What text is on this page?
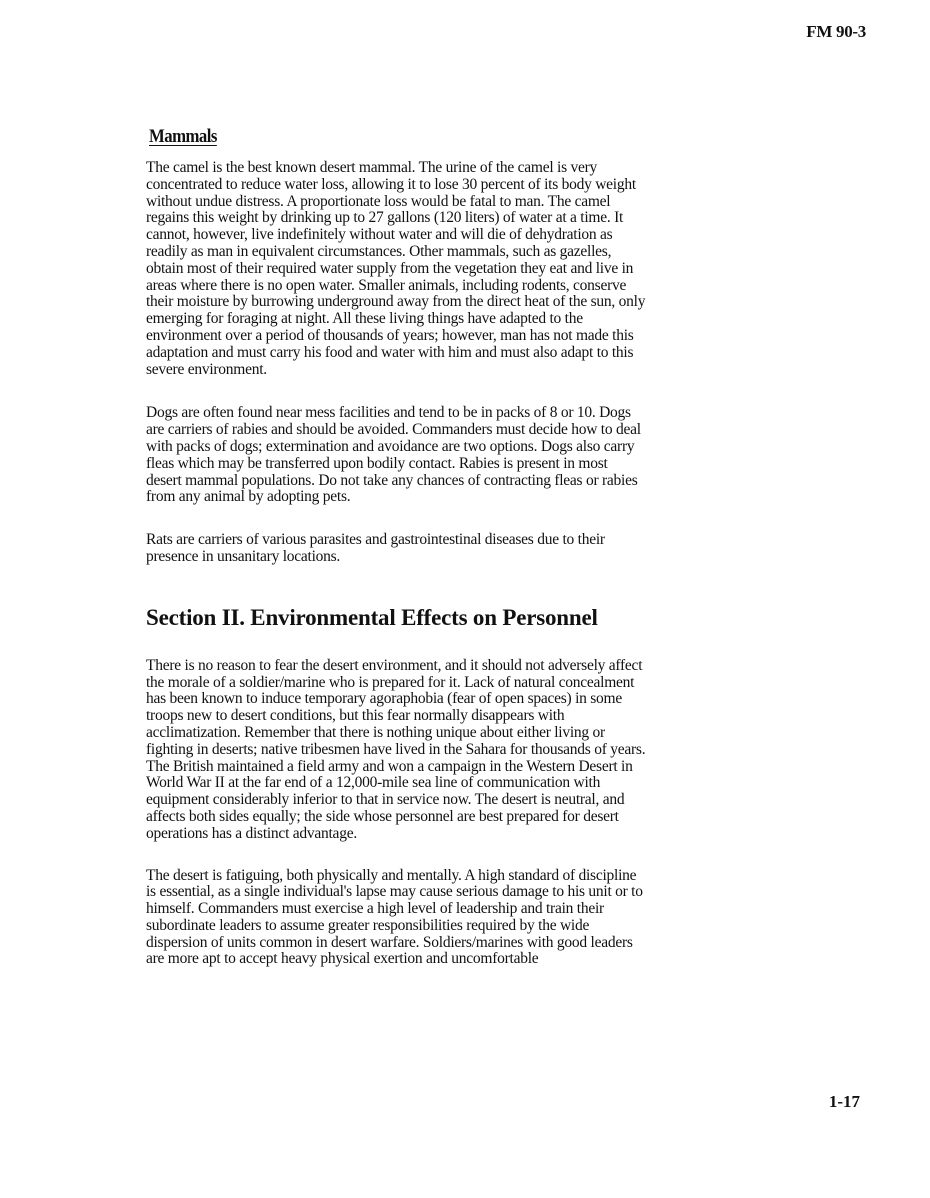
FM 90-3
Mammals

The camel is the best known desert mammal. The urine of the camel is very concentrated to reduce water loss, allowing it to lose 30 percent of its body weight without undue distress. A proportionate loss would be fatal to man. The camel regains this weight by drinking up to 27 gallons (120 liters) of water at a time. It cannot, however, live indefinitely without water and will die of dehydration as readily as man in equivalent circumstances. Other mammals, such as gazelles, obtain most of their required water supply from the vegetation they eat and live in areas where there is no open water. Smaller animals, including rodents, conserve their moisture by burrowing underground away from the direct heat of the sun, only emerging for foraging at night. All these living things have adapted to the environment over a period of thousands of years; however, man has not made this adaptation and must carry his food and water with him and must also adapt to this severe environment.

Dogs are often found near mess facilities and tend to be in packs of 8 or 10. Dogs are carriers of rabies and should be avoided. Commanders must decide how to deal with packs of dogs; extermination and avoidance are two options. Dogs also carry fleas which may be transferred upon bodily contact. Rabies is present in most desert mammal populations. Do not take any chances of contracting fleas or rabies from any animal by adopting pets.

Rats are carriers of various parasites and gastrointestinal diseases due to their presence in unsanitary locations.

Section II. Environmental Effects on Personnel

There is no reason to fear the desert environment, and it should not adversely affect the morale of a soldier/marine who is prepared for it. Lack of natural concealment has been known to induce temporary agoraphobia (fear of open spaces) in some troops new to desert conditions, but this fear normally disappears with acclimatization. Remember that there is nothing unique about either living or fighting in deserts; native tribesmen have lived in the Sahara for thousands of years. The British maintained a field army and won a campaign in the Western Desert in World War II at the far end of a 12,000-mile sea line of communication with equipment considerably inferior to that in service now. The desert is neutral, and affects both sides equally; the side whose personnel are best prepared for desert operations has a distinct advantage.

The desert is fatiguing, both physically and mentally. A high standard of discipline is essential, as a single individual's lapse may cause serious damage to his unit or to himself. Commanders must exercise a high level of leadership and train their subordinate leaders to assume greater responsibilities required by the wide dispersion of units common in desert warfare. Soldiers/marines with good leaders are more apt to accept heavy physical exertion and uncomfortable

1-17
